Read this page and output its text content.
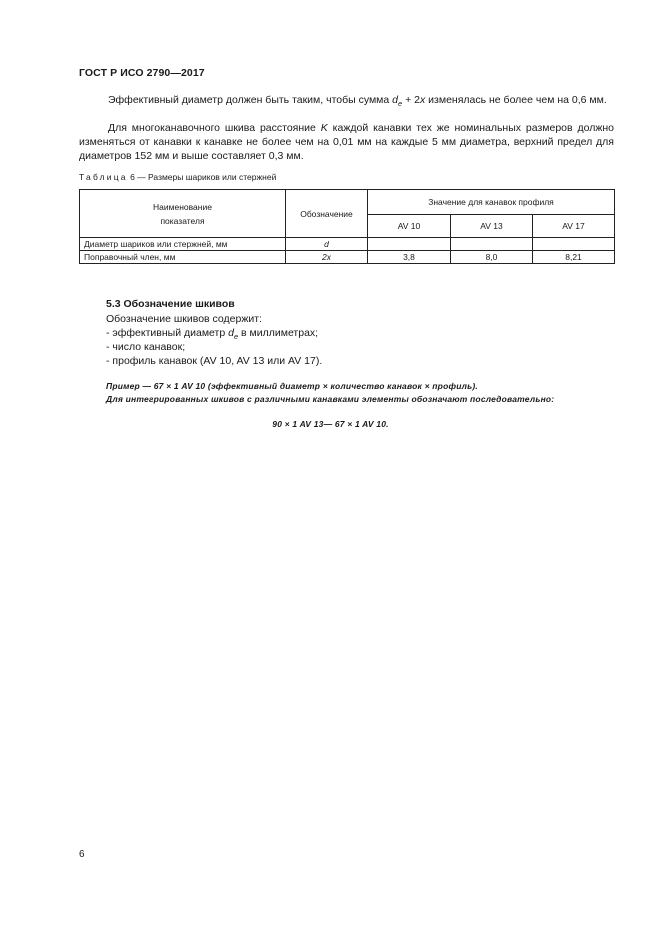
ГОСТ Р ИСО 2790—2017
Эффективный диаметр должен быть таким, чтобы сумма $d_e + 2x$ изменялась не более чем на 0,6 мм.
Для многоканавочного шкива расстояние K каждой канавки тех же номинальных размеров должно изменяться от канавки к канавке не более чем на 0,01 мм на каждые 5 мм диаметра, верхний предел для диаметров 152 мм и выше составляет 0,3 мм.
Таблица 6 — Размеры шариков или стержней
Наименование
показателя	Обозначение	Значение для канавок профиля		
		AV 10	AV 13	AV 17
Диаметр шариков или стержней, мм	d			
Поправочный член, мм	2x	3,8	8,0	8,21
5.3 Обозначение шкивов
Обозначение шкивов содержит:
- эффективный диаметр $d_e$ в миллиметрах;
- число канавок;
- профиль канавок (AV 10, AV 13 или AV 17).
Пример — 67 × 1 AV 10 (эффективный диаметр × количество канавок × профиль).
Для интегрированных шкивов с различными канавками элементы обозначают последовательно:
90 × 1 AV 13— 67 × 1 AV 10.
6
